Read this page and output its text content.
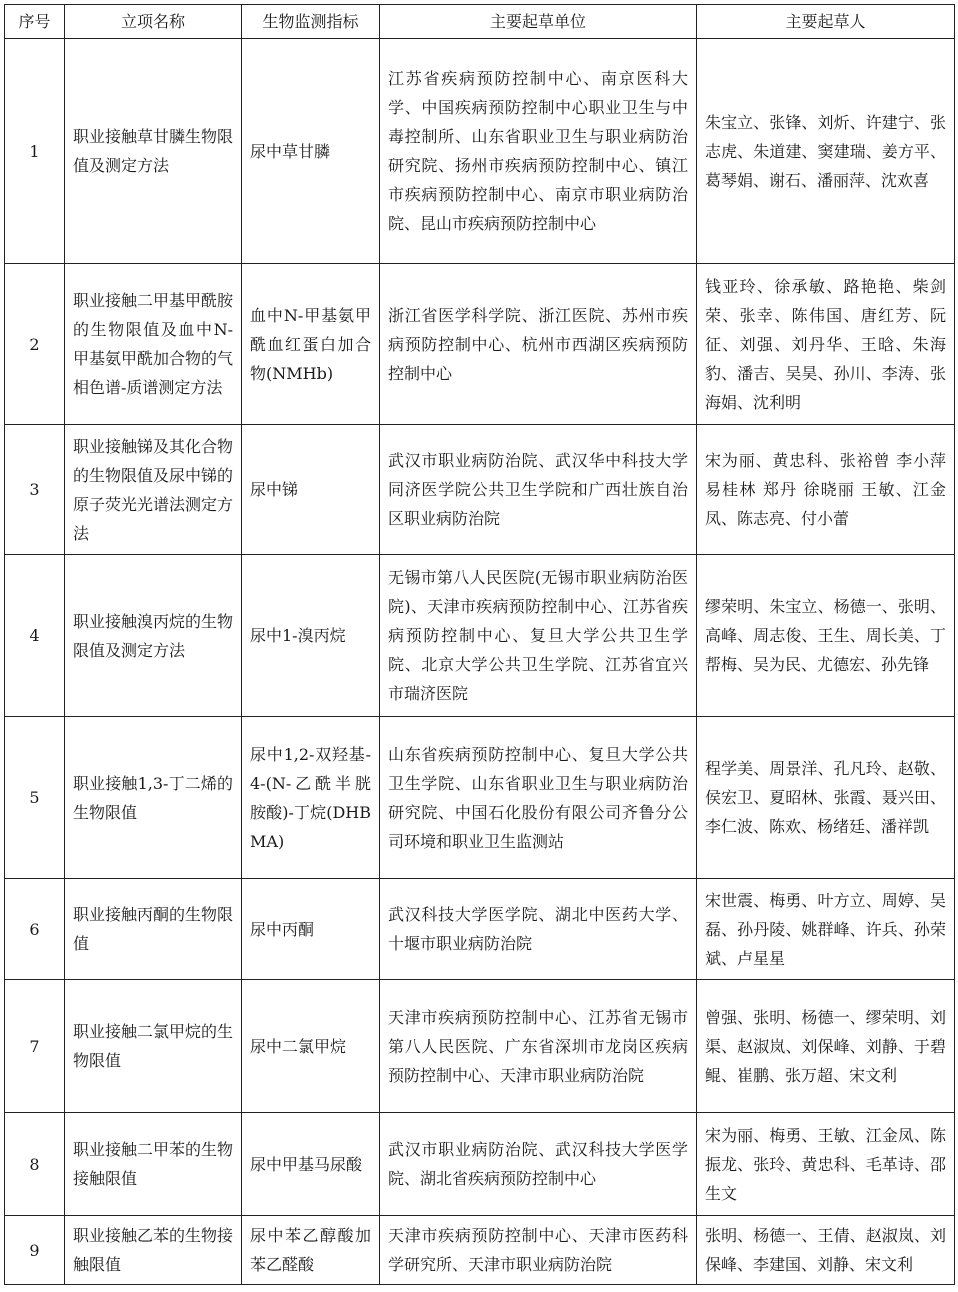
序号	立项名称	生物监测指标	主要起草单位	主要起草人
1	职业接触草甘膦生物限值及测定方法	尿中草甘膦	江苏省疾病预防控制中心、南京医科大学、中国疾病预防控制中心职业卫生与中毒控制所、山东省职业卫生与职业病防治研究院、扬州市疾病预防控制中心、镇江市疾病预防控制中心、南京市职业病防治院、昆山市疾病预防控制中心	朱宝立、张锋、刘炘、许建宁、张志虎、朱道建、窦建瑞、姜方平、葛琴娟、谢石、潘丽萍、沈欢喜
2	职业接触二甲基甲酰胺的生物限值及血中N-甲基氨甲酰加合物的气相色谱-质谱测定方法	血中N-甲基氨甲酰血红蛋白加合物(NMHb)	浙江省医学科学院、浙江医院、苏州市疾病预防控制中心、杭州市西湖区疾病预防控制中心	钱亚玲、徐承敏、路艳艳、柴剑荣、张幸、陈伟国、唐红芳、阮征、刘强、刘丹华、王晗、朱海豹、潘吉、吴昊、孙川、李涛、张海娟、沈利明
3	职业接触锑及其化合物的生物限值及尿中锑的原子荧光光谱法测定方法	尿中锑	武汉市职业病防治院、武汉华中科技大学同济医学院公共卫生学院和广西壮族自治区职业病防治院	宋为丽、黄忠科、张裕曾 李小萍 易桂林 郑丹 徐晓丽 王敏、江金凤、陈志亮、付小蕾
4	职业接触溴丙烷的生物限值及测定方法	尿中1-溴丙烷	无锡市第八人民医院(无锡市职业病防治医院)、天津市疾病预防控制中心、江苏省疾病预防控制中心、复旦大学公共卫生学院、北京大学公共卫生学院、江苏省宜兴市瑞济医院	缪荣明、朱宝立、杨德一、张明、高峰、周志俊、王生、周长美、丁帮梅、吴为民、尤德宏、孙先锋
5	职业接触1,3-丁二烯的生物限值	尿中1,2-双羟基-4-(N-乙酰半胱胺酸)-丁烷(DHBMA)	山东省疾病预防控制中心、复旦大学公共卫生学院、山东省职业卫生与职业病防治研究院、中国石化股份有限公司齐鲁分公司环境和职业卫生监测站	程学美、周景洋、孔凡玲、赵敬、侯宏卫、夏昭林、张霞、聂兴田、李仁波、陈欢、杨绪廷、潘祥凯
6	职业接触丙酮的生物限值	尿中丙酮	武汉科技大学医学院、湖北中医药大学、十堰市职业病防治院	宋世震、梅勇、叶方立、周婷、吴磊、孙丹陵、姚群峰、许兵、孙荣斌、卢星星
7	职业接触二氯甲烷的生物限值	尿中二氯甲烷	天津市疾病预防控制中心、江苏省无锡市第八人民医院、广东省深圳市龙岗区疾病预防控制中心、天津市职业病防治院	曾强、张明、杨德一、缪荣明、刘渠、赵淑岚、刘保峰、刘静、于碧鲲、崔鹏、张万超、宋文利
8	职业接触二甲苯的生物接触限值	尿中甲基马尿酸	武汉市职业病防治院、武汉科技大学医学院、湖北省疾病预防控制中心	宋为丽、梅勇、王敏、江金凤、陈振龙、张玲、黄忠科、毛革诗、邵生文
9	职业接触乙苯的生物接触限值	尿中苯乙醇酸加苯乙醛酸	天津市疾病预防控制中心、天津市医药科学研究所、天津市职业病防治院	张明、杨德一、王倩、赵淑岚、刘保峰、李建国、刘静、宋文利
